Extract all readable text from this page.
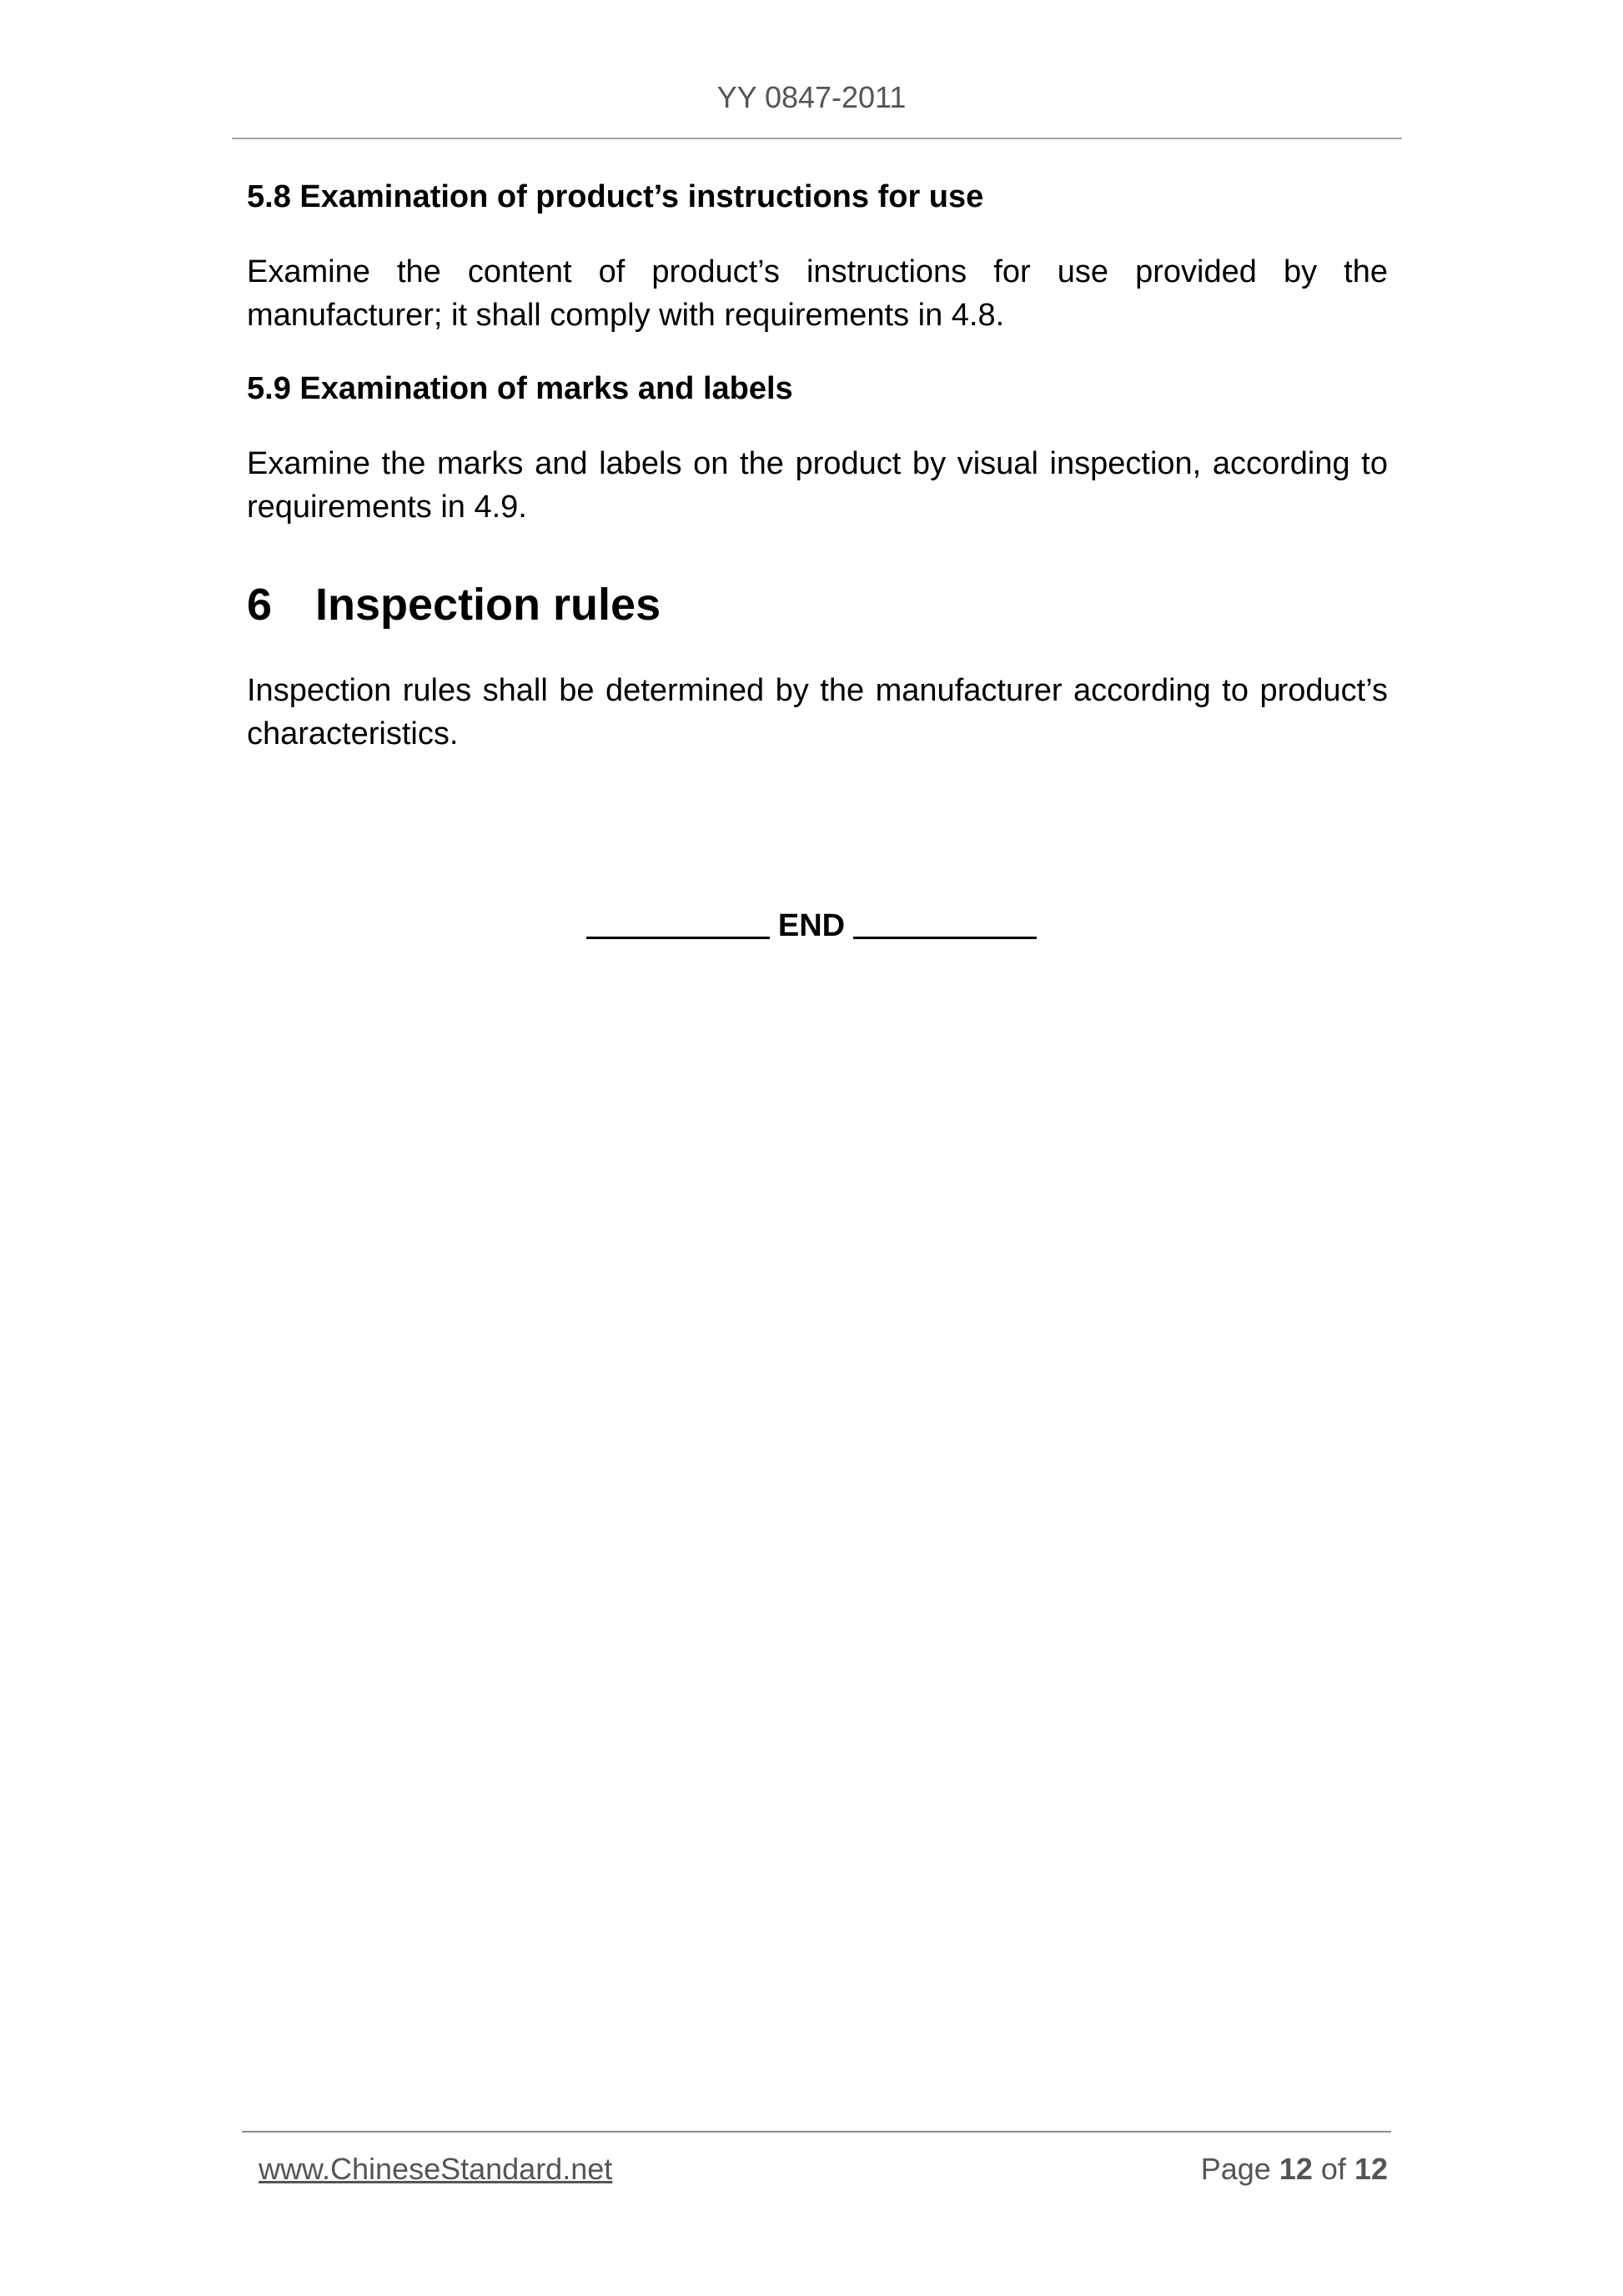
YY 0847-2011
5.8 Examination of product’s instructions for use

Examine the content of product’s instructions for use provided by the manufacturer; it shall comply with requirements in 4.8.

5.9 Examination of marks and labels

Examine the marks and labels on the product by visual inspection, according to requirements in 4.9.

6 Inspection rules

Inspection rules shall be determined by the manufacturer according to product’s characteristics.

END
www.ChineseStandard.net	Page 12 of 12
